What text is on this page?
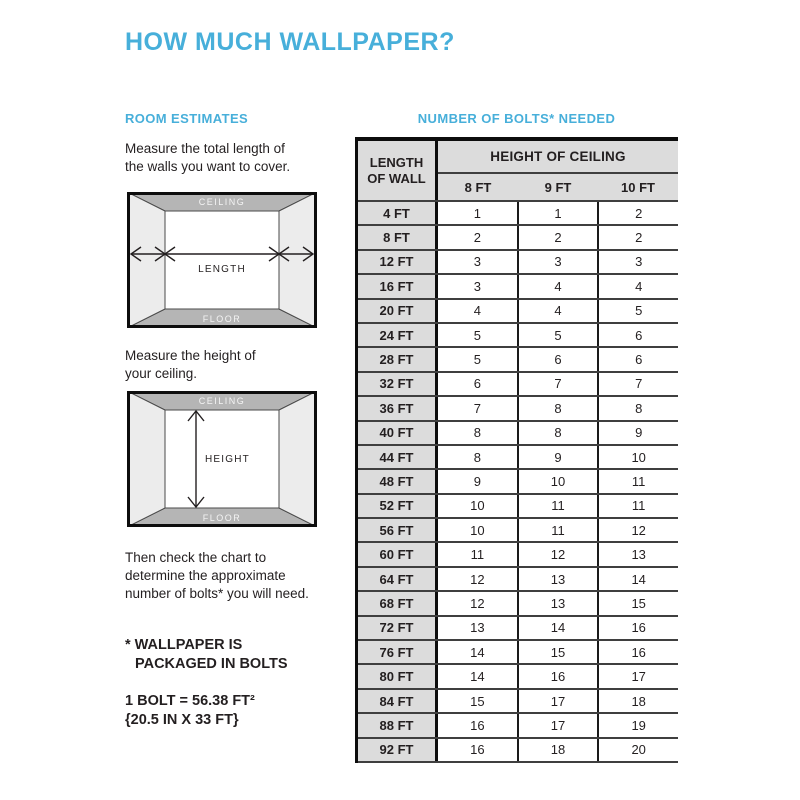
HOW MUCH WALLPAPER?
ROOM ESTIMATES

Measure the total length of
the walls you want to cover.

CEILING
FLOOR
LENGTH

Measure the height of
your ceiling.

CEILING
FLOOR
HEIGHT

Then check the chart to
determine the approximate
number of bolts* you will need.

* WALLPAPER IS
PACKAGED IN BOLTS

1 BOLT = 56.38 FT²
{20.5 IN X 33 FT}

NUMBER OF BOLTS* NEEDED
LENGTH
OF WALL
HEIGHT OF CEILING
8 FT	9 FT	10 FT
4 FT	1	1	2
8 FT	2	2	2
12 FT	3	3	3
16 FT	3	4	4
20 FT	4	4	5
24 FT	5	5	6
28 FT	5	6	6
32 FT	6	7	7
36 FT	7	8	8
40 FT	8	8	9
44 FT	8	9	10
48 FT	9	10	11
52 FT	10	11	11
56 FT	10	11	12
60 FT	11	12	13
64 FT	12	13	14
68 FT	12	13	15
72 FT	13	14	16
76 FT	14	15	16
80 FT	14	16	17
84 FT	15	17	18
88 FT	16	17	19
92 FT	16	18	20
